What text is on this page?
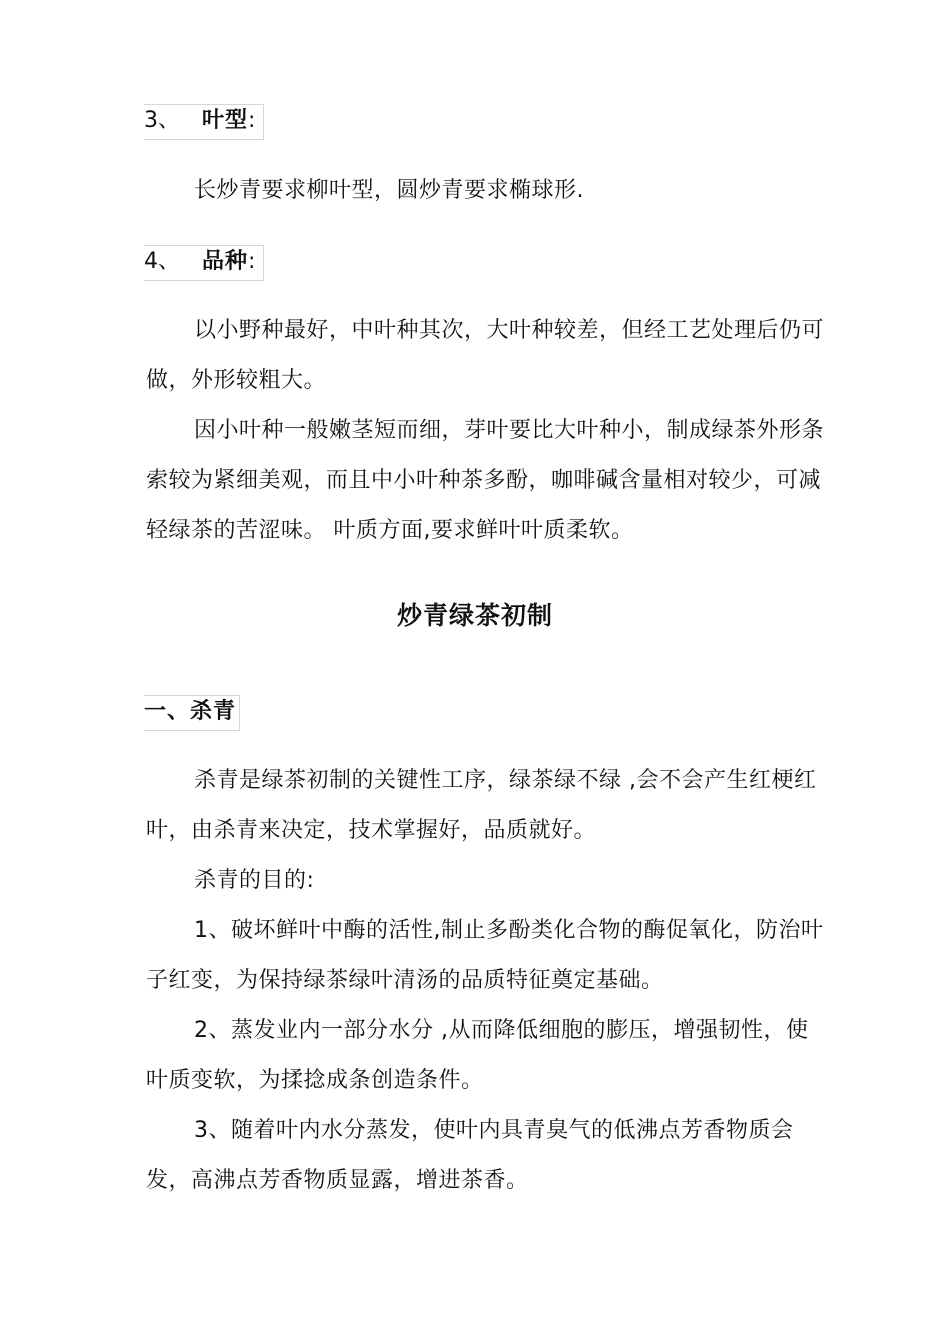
3、 叶型:

长炒青要求柳叶型，圆炒青要求椭球形.

4、 品种:

以小野种最好，中叶种其次，大叶种较差，但经工艺处理后仍可做，外形较粗大。

因小叶种一般嫩茎短而细，芽叶要比大叶种小，制成绿茶外形条索较为紧细美观，而且中小叶种茶多酚，咖啡碱含量相对较少，可减轻绿茶的苦涩味。 叶质方面,要求鲜叶叶质柔软。

炒青绿茶初制
一、杀青

杀青是绿茶初制的关键性工序，绿茶绿不绿 ,会不会产生红梗红叶，由杀青来决定，技术掌握好，品质就好。

杀青的目的:

1、破坏鲜叶中酶的活性,制止多酚类化合物的酶促氧化，防治叶子红变，为保持绿茶绿叶清汤的品质特征奠定基础。

2、蒸发业内一部分水分 ,从而降低细胞的膨压，增强韧性，使叶质变软，为揉捻成条创造条件。

3、随着叶内水分蒸发，使叶内具青臭气的低沸点芳香物质会发，高沸点芳香物质显露，增进茶香。
